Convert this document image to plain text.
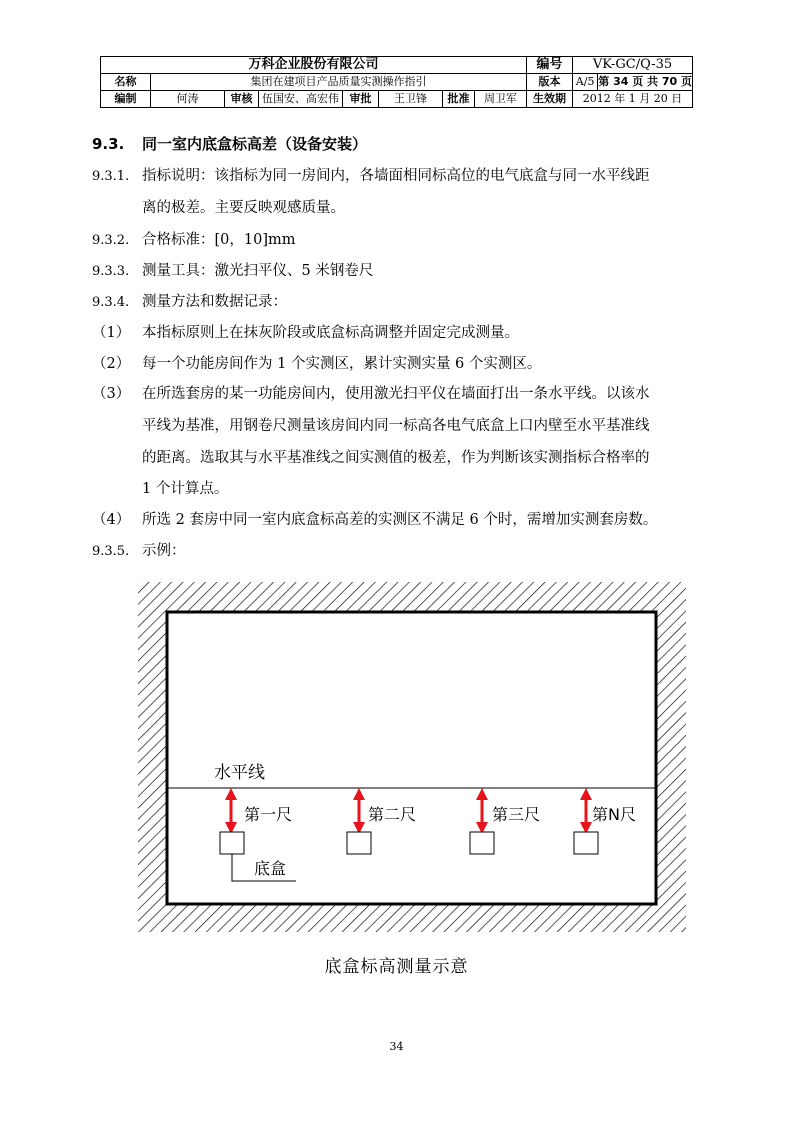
万科企业股份有限公司								编号	VK-GC/Q-35
名称	集团在建项目产品质量实测操作指引							版本	A/5 第 34 页 共 70 页

编制	何涛	审核	伍国安、高宏伟	审批	王卫锋	批准	周卫军	生效期	2012 年 1 月 20 日
9.3. 同一室内底盒标高差（设备安装）
9.3.1. 指标说明：该指标为同一房间内，各墙面相同标高位的电气底盒与同一水平线距
离的极差。主要反映观感质量。
9.3.2. 合格标准：[0，10]mm
9.3.3. 测量工具：激光扫平仪、5 米钢卷尺
9.3.4. 测量方法和数据记录：
（1） 本指标原则上在抹灰阶段或底盒标高调整并固定完成测量。
（2） 每一个功能房间作为 1 个实测区，累计实测实量 6 个实测区。
（3） 在所选套房的某一功能房间内，使用激光扫平仪在墙面打出一条水平线。以该水
平线为基准，用钢卷尺测量该房间内同一标高各电气底盒上口内壁至水平基准线
的距离。选取其与水平基准线之间实测值的极差，作为判断该实测指标合格率的
1 个计算点。
（4） 所选 2 套房中同一室内底盒标高差的实测区不满足 6 个时，需增加实测套房数。
9.3.5. 示例：
水平线
第一尺	第二尺	第三尺	第N尺
底盒
底盒标高测量示意
34
